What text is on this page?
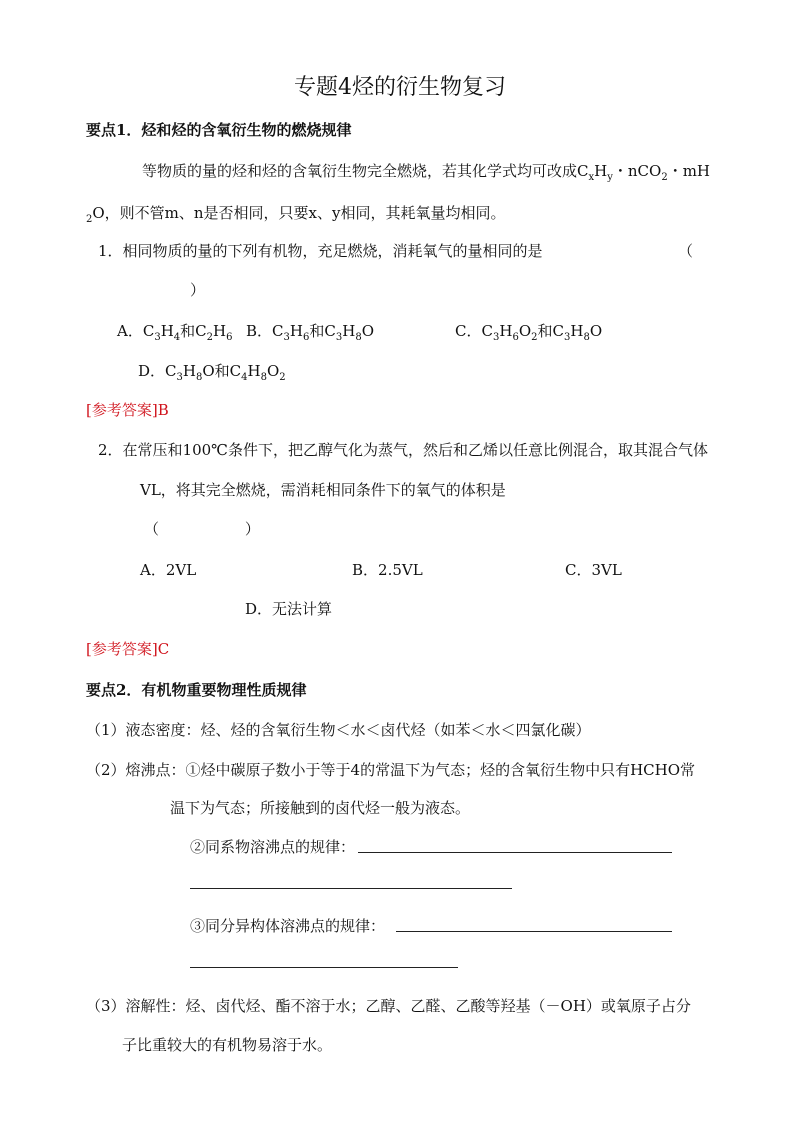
专题4烃的衍生物复习
要点1．烃和烃的含氧衍生物的燃烧规律
等物质的量的烃和烃的含氧衍生物完全燃烧，若其化学式均可改成$C_xH_y$・nCO$_2$・mH
$_2$O，则不管m、n是否相同，只要x、y相同，其耗氧量均相同。
1．相同物质的量的下列有机物，充足燃烧，消耗氧气的量相同的是	（
）
A．$C_3H_4$和$C_2H_6$ B．$C_3H_6$和$C_3H_8O$	C．$C_3H_6O_2$和$C_3H_8O$
D．$C_3H_8O$和$C_4H_8O_2$
[参考答案]B
2．在常压和100℃条件下，把乙醇气化为蒸气，然后和乙烯以任意比例混合，取其混合气体
VL，将其完全燃烧，需消耗相同条件下的氧气的体积是
（                  ）
A．2VL	B．2.5VL	C．3VL
D．无法计算
[参考答案]C
要点2．有机物重要物理性质规律
（1）液态密度：烃、烃的含氧衍生物＜水＜卤代烃（如苯＜水＜四氯化碳）
（2）熔沸点：①烃中碳原子数小于等于4的常温下为气态；烃的含氧衍生物中只有HCHO常
温下为气态；所接触到的卤代烃一般为液态。
②同系物溶沸点的规律：
③同分异构体溶沸点的规律：
（3）溶解性：烃、卤代烃、酯不溶于水；乙醇、乙醛、乙酸等羟基（－OH）或氧原子占分
子比重较大的有机物易溶于水。
